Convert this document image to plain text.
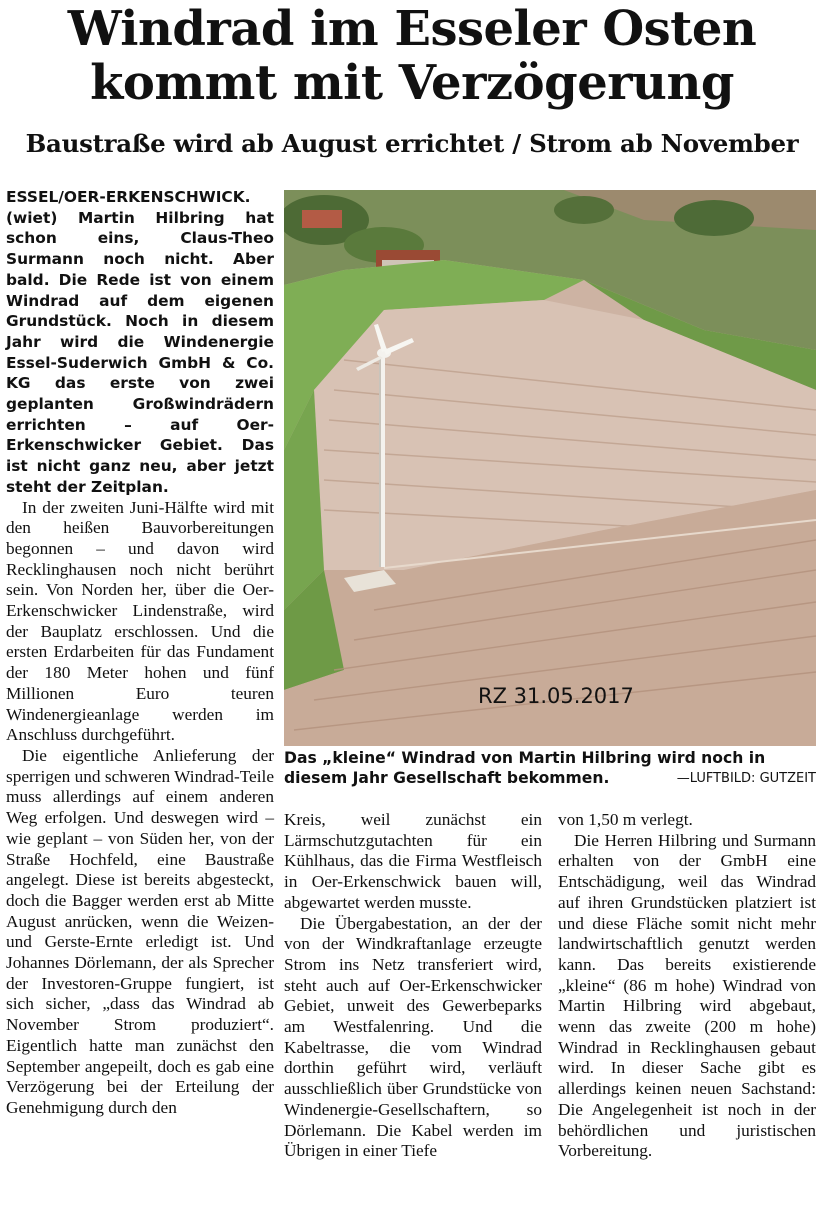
Windrad im Esseler Osten
kommt mit Verzögerung
Baustraße wird ab August errichtet / Strom ab November
ESSEL/OER-ERKENSCHWICK.
(wiet) Martin Hilbring hat schon eins, Claus-Theo Surmann noch nicht. Aber bald. Die Rede ist von einem Windrad auf dem eigenen Grundstück. Noch in diesem Jahr wird die Windenergie Essel-Suderwich GmbH & Co. KG das erste von zwei geplanten Großwindrädern errichten – auf Oer-Erkenschwicker Gebiet. Das ist nicht ganz neu, aber jetzt steht der Zeitplan.

In der zweiten Juni-Hälfte wird mit den heißen Bauvorbereitungen begonnen – und davon wird Recklinghausen noch nicht berührt sein. Von Norden her, über die Oer-Erkenschwicker Lindenstraße, wird der Bauplatz erschlossen. Und die ersten Erdarbeiten für das Fundament der 180 Meter hohen und fünf Millionen Euro teuren Windenergieanlage werden im Anschluss durchgeführt.

Die eigentliche Anlieferung der sperrigen und schweren Windrad-Teile muss allerdings auf einem anderen Weg erfolgen. Und deswegen wird – wie geplant – von Süden her, von der Straße Hochfeld, eine Baustraße angelegt. Diese ist bereits abgesteckt, doch die Bagger werden erst ab Mitte August anrücken, wenn die Weizen- und Gerste-Ernte erledigt ist. Und Johannes Dörlemann, der als Sprecher der Investoren-Gruppe fungiert, ist sich sicher, „dass das Windrad ab November Strom produziert“. Eigentlich hatte man zunächst den September angepeilt, doch es gab eine Verzögerung bei der Erteilung der Genehmigung durch den

RZ 31.05.2017
Das „kleine“ Windrad von Martin Hilbring wird noch in diesem Jahr Gesellschaft bekommen.	—LUFTBILD: GUTZEIT

Kreis, weil zunächst ein Lärmschutzgutachten für ein Kühlhaus, das die Firma Westfleisch in Oer-Erkenschwick bauen will, abgewartet werden musste.

Die Übergabestation, an der der von der Windkraftanlage erzeugte Strom ins Netz transferiert wird, steht auch auf Oer-Erkenschwicker Gebiet, unweit des Gewerbeparks am Westfalenring. Und die Kabeltrasse, die vom Windrad dorthin geführt wird, verläuft ausschließlich über Grundstücke von Windenergie-Gesellschaftern, so Dörlemann. Die Kabel werden im Übrigen in einer Tiefe

von 1,50 m verlegt.

Die Herren Hilbring und Surmann erhalten von der GmbH eine Entschädigung, weil das Windrad auf ihren Grundstücken platziert ist und diese Fläche somit nicht mehr landwirtschaftlich genutzt werden kann. Das bereits existierende „kleine“ (86 m hohe) Windrad von Martin Hilbring wird abgebaut, wenn das zweite (200 m hohe) Windrad in Recklinghausen gebaut wird. In dieser Sache gibt es allerdings keinen neuen Sachstand: Die Angelegenheit ist noch in der behördlichen und juristischen Vorbereitung.
